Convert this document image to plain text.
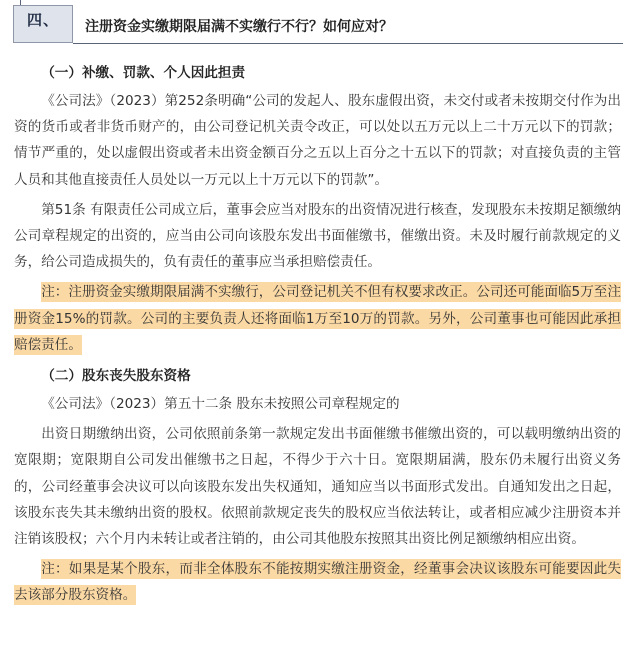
四、	注册资金实缴期限届满不实缴行不行？如何应对？

（一）补缴、罚款、个人因此担责

《公司法》（2023）第252条明确“公司的发起人、股东虚假出资，未交付或者未按期交付作为出资的货币或者非货币财产的，由公司登记机关责令改正，可以处以五万元以上二十万元以下的罚款；情节严重的，处以虚假出资或者未出资金额百分之五以上百分之十五以下的罚款；对直接负责的主管人员和其他直接责任人员处以一万元以上十万元以下的罚款”。

第51条 有限责任公司成立后，董事会应当对股东的出资情况进行核查，发现股东未按期足额缴纳公司章程规定的出资的，应当由公司向该股东发出书面催缴书，催缴出资。未及时履行前款规定的义务，给公司造成损失的，负有责任的董事应当承担赔偿责任。

注：注册资金实缴期限届满不实缴行，公司登记机关不但有权要求改正。公司还可能面临5万至注册资金15%的罚款。公司的主要负责人还将面临1万至10万的罚款。另外，公司董事也可能因此承担赔偿责任。

（二）股东丧失股东资格

《公司法》（2023）第五十二条 股东未按照公司章程规定的

出资日期缴纳出资，公司依照前条第一款规定发出书面催缴书催缴出资的，可以载明缴纳出资的宽限期；宽限期自公司发出催缴书之日起，不得少于六十日。宽限期届满，股东仍未履行出资义务的，公司经董事会决议可以向该股东发出失权通知，通知应当以书面形式发出。自通知发出之日起，该股东丧失其未缴纳出资的股权。依照前款规定丧失的股权应当依法转让，或者相应减少注册资本并注销该股权；六个月内未转让或者注销的，由公司其他股东按照其出资比例足额缴纳相应出资。

注：如果是某个股东，而非全体股东不能按期实缴注册资金，经董事会决议该股东可能要因此失去该部分股东资格。
